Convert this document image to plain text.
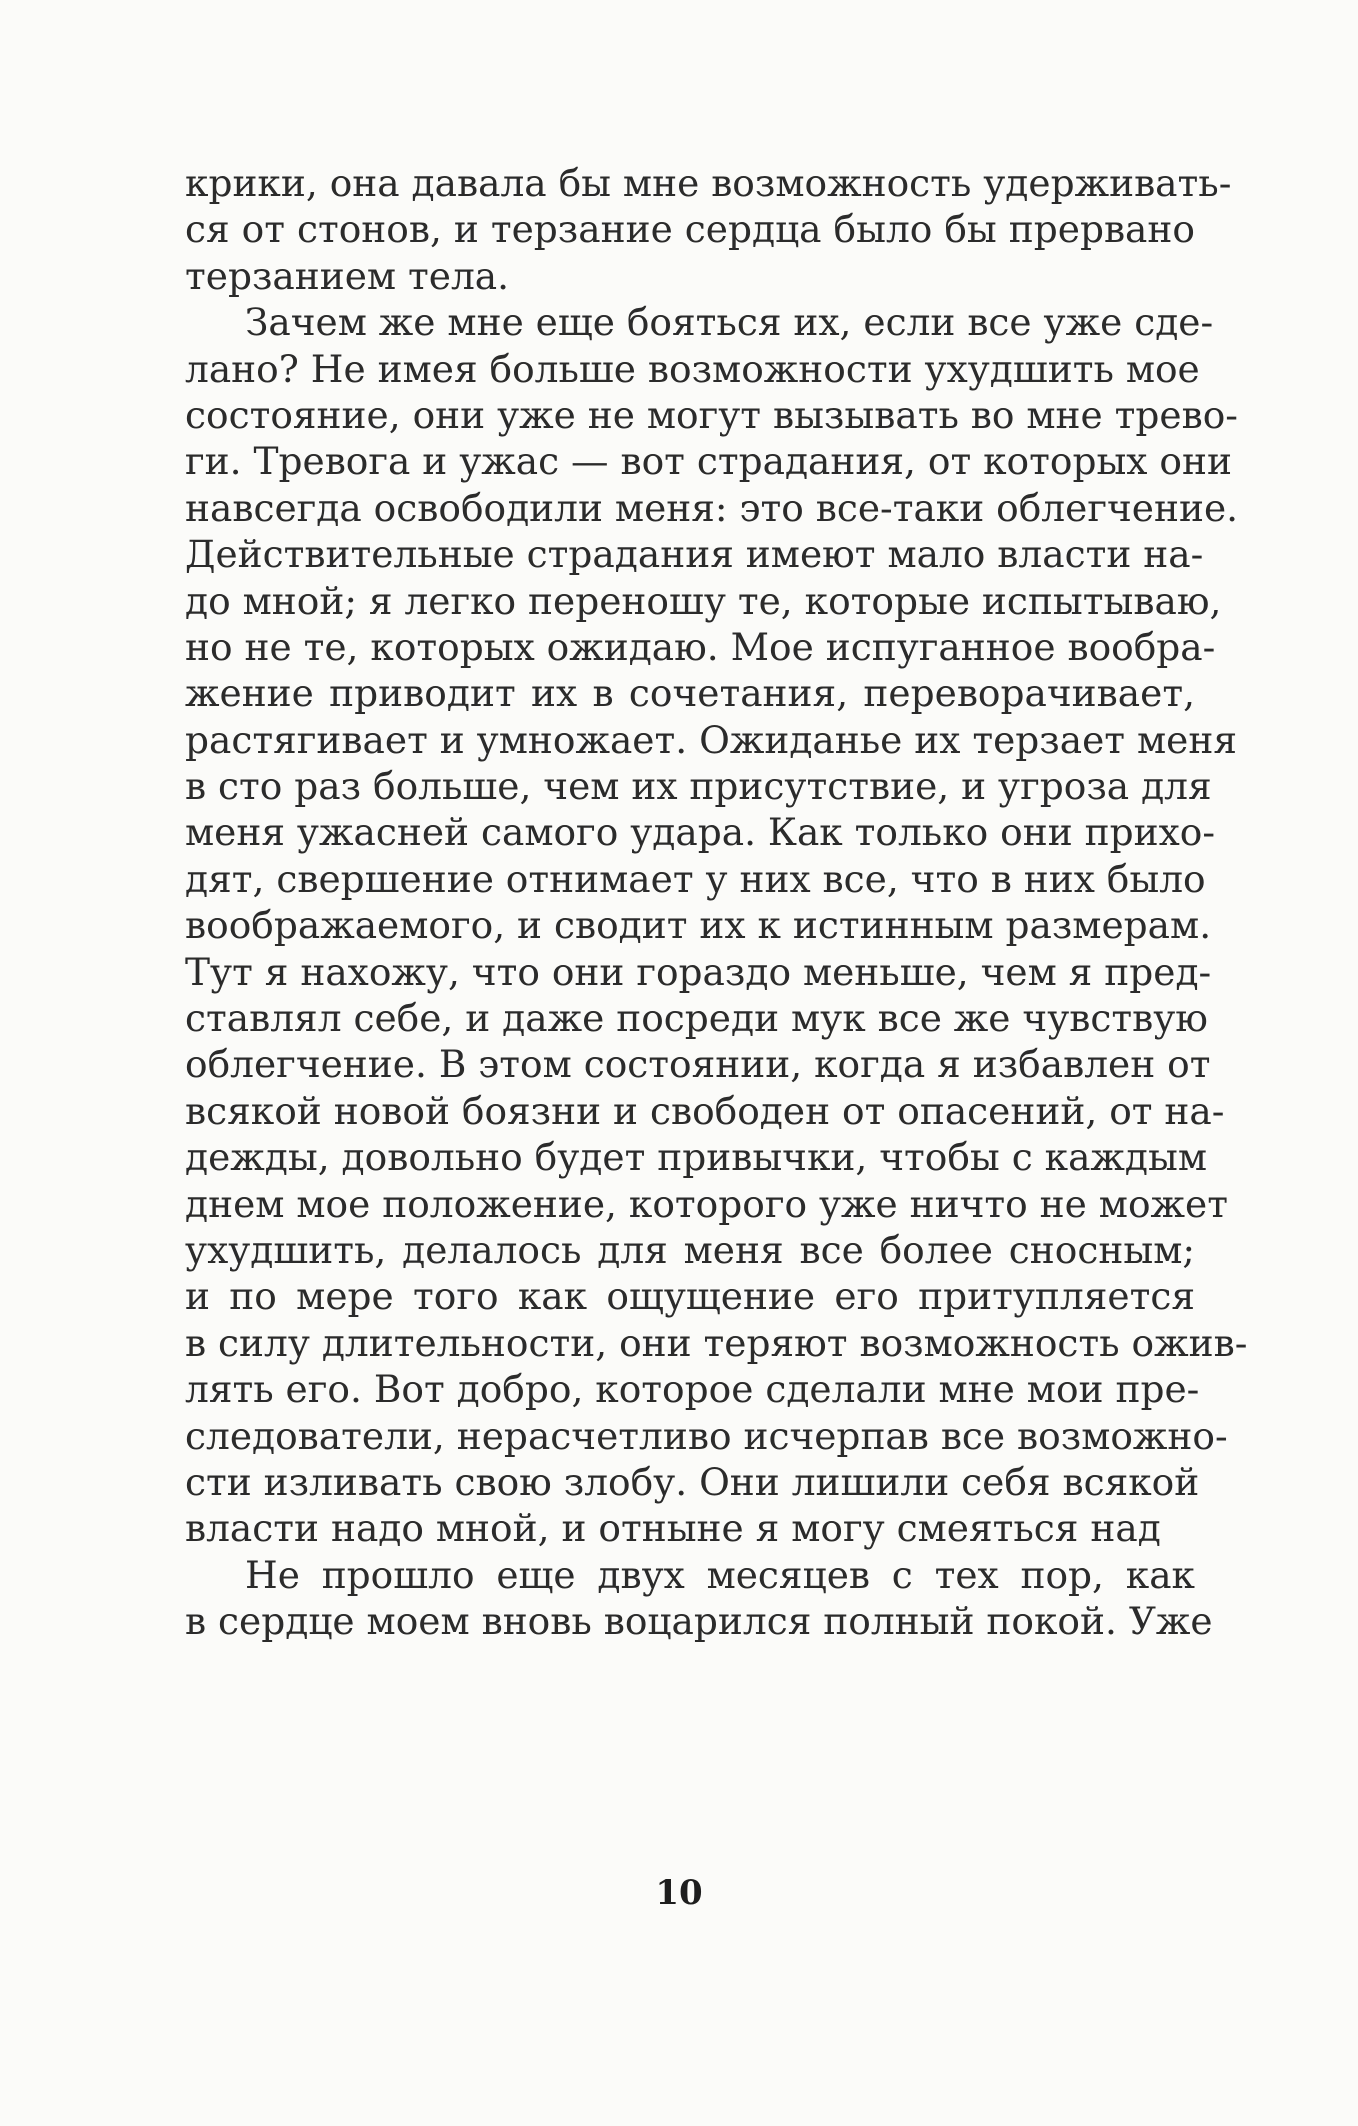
крики, она давала бы мне возможность удерживать-
ся от стонов, и терзание сердца было бы прервано
терзанием тела.
Зачем же мне еще бояться их, если все уже сде-
лано? Не имея больше возможности ухудшить мое
состояние, они уже не могут вызывать во мне трево-
ги. Тревога и ужас — вот страдания, от которых они
навсегда освободили меня: это все-таки облегчение.
Действительные страдания имеют мало власти на-
до мной; я легко переношу те, которые испытываю,
но не те, которых ожидаю. Мое испуганное вообра-
жение приводит их в сочетания, переворачивает,
растягивает и умножает. Ожиданье их терзает меня
в сто раз больше, чем их присутствие, и угроза для
меня ужасней самого удара. Как только они прихо-
дят, свершение отнимает у них все, что в них было
воображаемого, и сводит их к истинным размерам.
Тут я нахожу, что они гораздо меньше, чем я пред-
ставлял себе, и даже посреди мук все же чувствую
облегчение. В этом состоянии, когда я избавлен от
всякой новой боязни и свободен от опасений, от на-
дежды, довольно будет привычки, чтобы с каждым
днем мое положение, которого уже ничто не может
ухудшить, делалось для меня все более сносным;
и по мере того как ощущение его притупляется
в силу длительности, они теряют возможность ожив-
лять его. Вот добро, которое сделали мне мои пре-
следователи, нерасчетливо исчерпав все возможно-
сти изливать свою злобу. Они лишили себя всякой
власти надо мной, и отныне я могу смеяться над
Не прошло еще двух месяцев с тех пор, как
в сердце моем вновь воцарился полный покой. Уже
10
